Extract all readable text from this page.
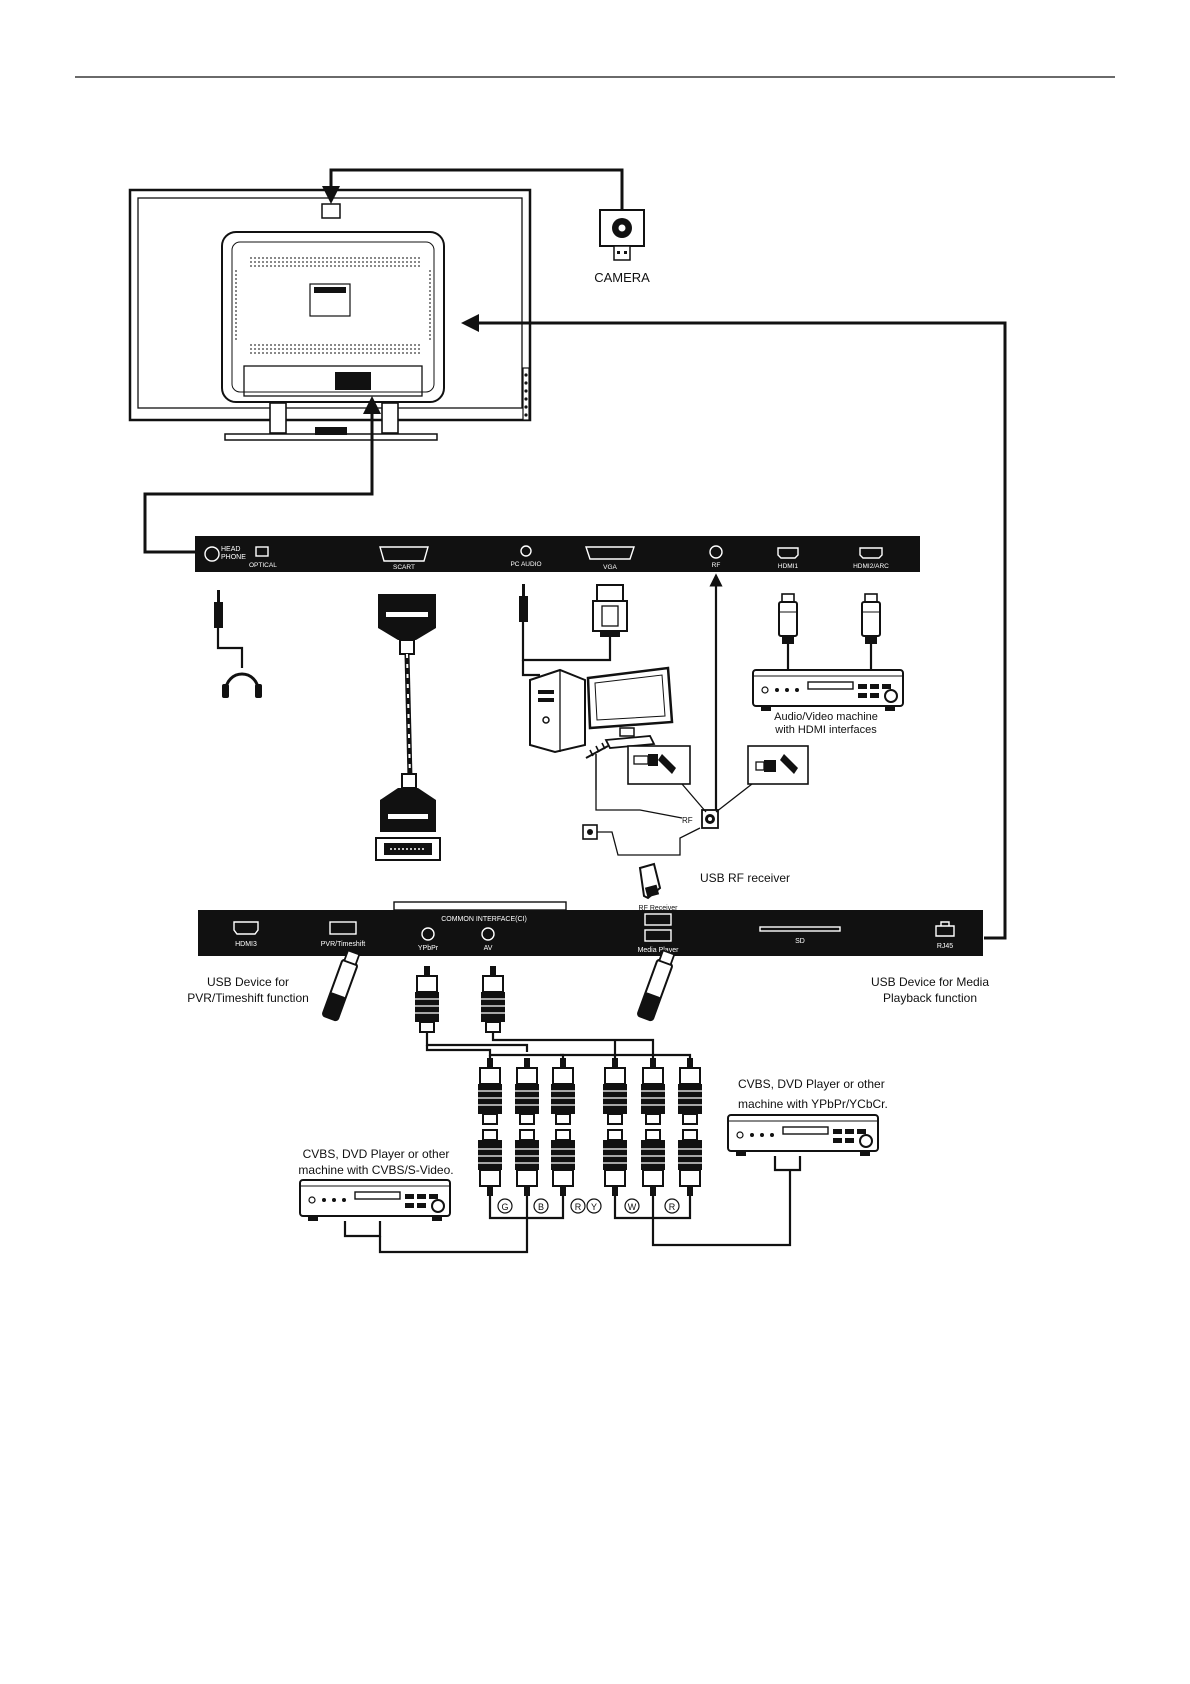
CAMERA
HEAD
PHONE
OPTICAL	SCART	PC AUDIO	VGA	RF	HDMI1	HDMI2/ARC
Audio/Video machine
with HDMI interfaces
RF
USB RF receiver
HDMI3	PVR/Timeshift
COMMON INTERFACE(CI)
YPbPr	AV
RF Receiver
Media Player
SD
RJ45
USB Device for
PVR/Timeshift function
USB Device for Media
Playback function
G	B	R Y	W	R
CVBS, DVD Player or other
machine with CVBS/S-Video.
CVBS, DVD Player or other
machine with YPbPr/YCbCr.
